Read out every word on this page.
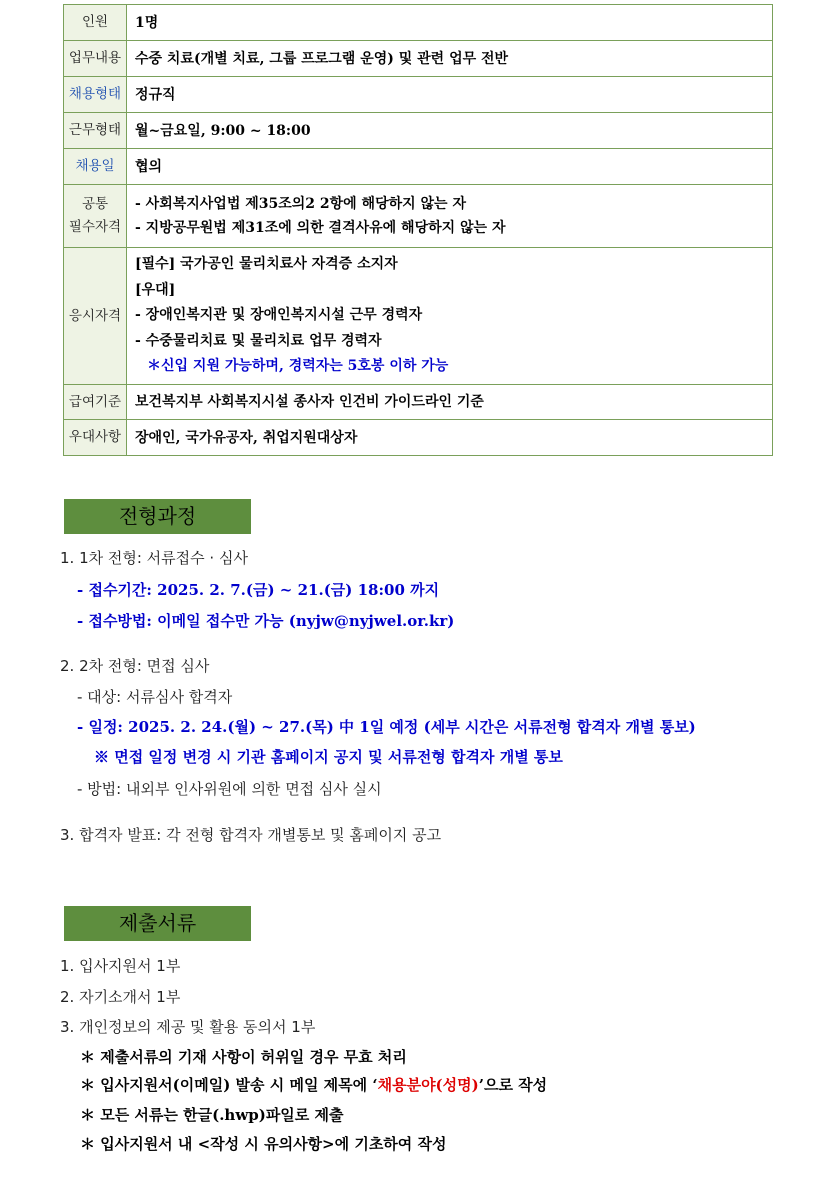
인원	1명
업무내용	수중 치료(개별 치료, 그룹 프로그램 운영) 및 관련 업무 전반
채용형태	정규직
근무형태	월~금요일, 9:00 ~ 18:00
채용일	협의

공통
필수자격	- 사회복지사업법 제35조의2 2항에 해당하지 않는 자
- 지방공무원법 제31조에 의한 결격사유에 해당하지 않는 자

응시자격	[필수] 국가공인 물리치료사 자격증 소지자
[우대]
- 장애인복지관 및 장애인복지시설 근무 경력자
- 수중물리치료 및 물리치료 업무 경력자
＊신입 지원 가능하며, 경력자는 5호봉 이하 가능

급여기준	보건복지부 사회복지시설 종사자 인건비 가이드라인 기준
우대사항	장애인, 국가유공자, 취업지원대상자
전형과정
1. 1차 전형: 서류접수 · 심사
- 접수기간: 2025. 2. 7.(금) ~ 21.(금) 18:00 까지
- 접수방법: 이메일 접수만 가능 (nyjw@nyjwel.or.kr)
2. 2차 전형: 면접 심사
- 대상: 서류심사 합격자
- 일정: 2025. 2. 24.(월) ~ 27.(목) 中 1일 예정 (세부 시간은 서류전형 합격자 개별 통보)
※ 면접 일정 변경 시 기관 홈페이지 공지 및 서류전형 합격자 개별 통보
- 방법: 내외부 인사위원에 의한 면접 심사 실시
3. 합격자 발표: 각 전형 합격자 개별통보 및 홈페이지 공고
제출서류
1. 입사지원서 1부
2. 자기소개서 1부
3. 개인정보의 제공 및 활용 동의서 1부
＊ 제출서류의 기재 사항이 허위일 경우 무효 처리
＊ 입사지원서(이메일) 발송 시 메일 제목에 ‘채용분야(성명)’으로 작성
＊ 모든 서류는 한글(.hwp)파일로 제출
＊ 입사지원서 내 <작성 시 유의사항>에 기초하여 작성
